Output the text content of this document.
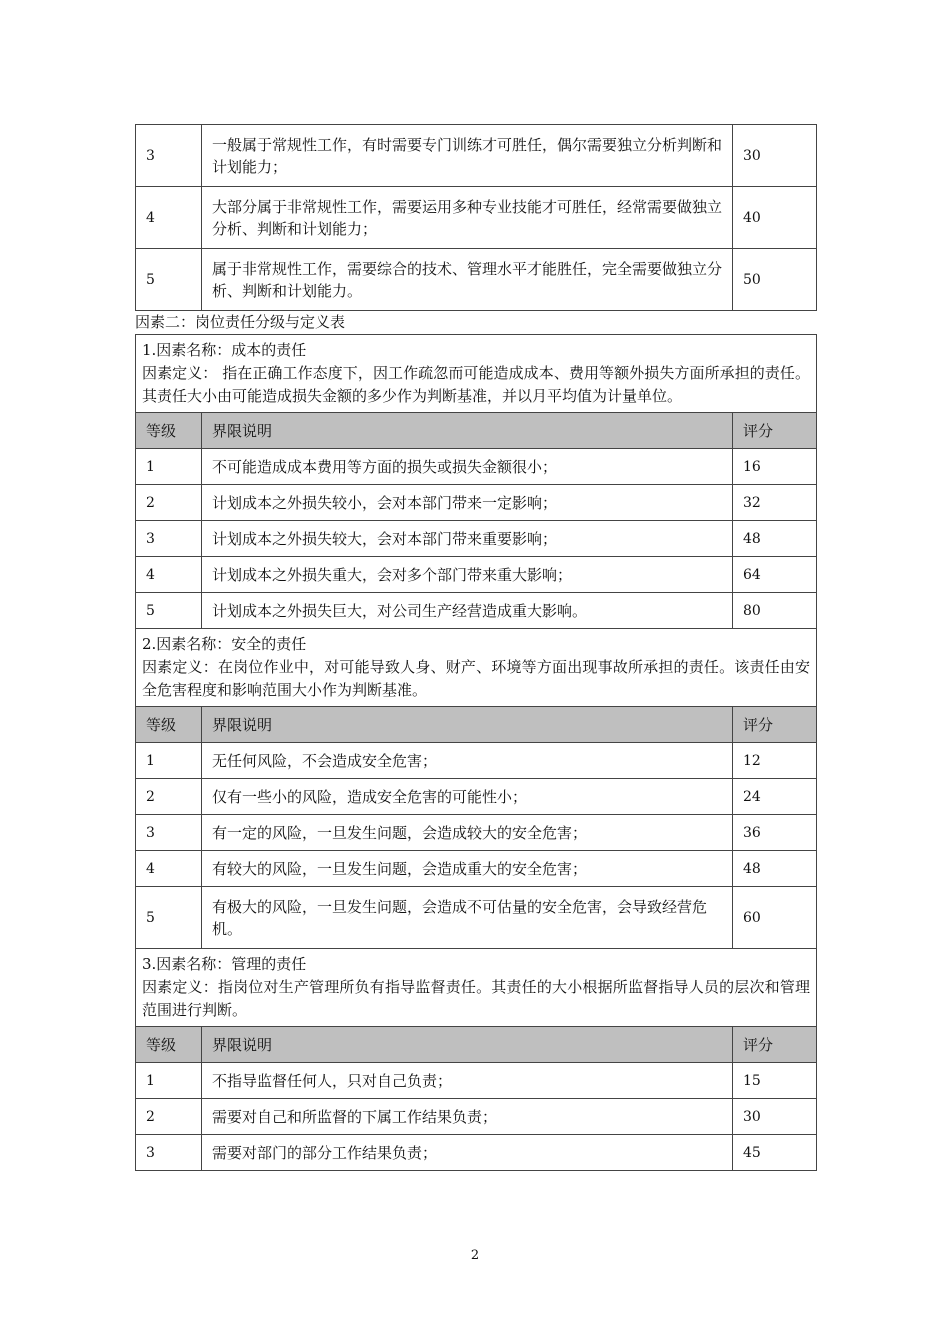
3	一般属于常规性工作，有时需要专门训练才可胜任，偶尔需要独立分析判断和计划能力；	30
4	大部分属于非常规性工作，需要运用多种专业技能才可胜任，经常需要做独立分析、判断和计划能力；	40
5	属于非常规性工作，需要综合的技术、管理水平才能胜任，完全需要做独立分析、判断和计划能力。	50
因素二：岗位责任分级与定义表
1.因素名称：成本的责任
因素定义： 指在正确工作态度下，因工作疏忽而可能造成成本、费用等额外损失方面所承担的责任。其责任大小由可能造成损失金额的多少作为判断基准，并以月平均值为计量单位。		

等级	界限说明	评分
1	不可能造成成本费用等方面的损失或损失金额很小；	16
2	计划成本之外损失较小，会对本部门带来一定影响；	32
3	计划成本之外损失较大，会对本部门带来重要影响；	48
4	计划成本之外损失重大，会对多个部门带来重大影响；	64
5	计划成本之外损失巨大，对公司生产经营造成重大影响。	80

2.因素名称：安全的责任
因素定义：在岗位作业中，对可能导致人身、财产、环境等方面出现事故所承担的责任。该责任由安全危害程度和影响范围大小作为判断基准。		

等级	界限说明	评分
1	无任何风险，不会造成安全危害；	12
2	仅有一些小的风险，造成安全危害的可能性小；	24
3	有一定的风险，一旦发生问题，会造成较大的安全危害；	36
4	有较大的风险，一旦发生问题，会造成重大的安全危害；	48
5	有极大的风险，一旦发生问题，会造成不可估量的安全危害，会导致经营危机。	60

3.因素名称：管理的责任
因素定义：指岗位对生产管理所负有指导监督责任。其责任的大小根据所监督指导人员的层次和管理范围进行判断。		

等级	界限说明	评分
1	不指导监督任何人，只对自己负责；	15
2	需要对自己和所监督的下属工作结果负责；	30
3	需要对部门的部分工作结果负责；	45
2
